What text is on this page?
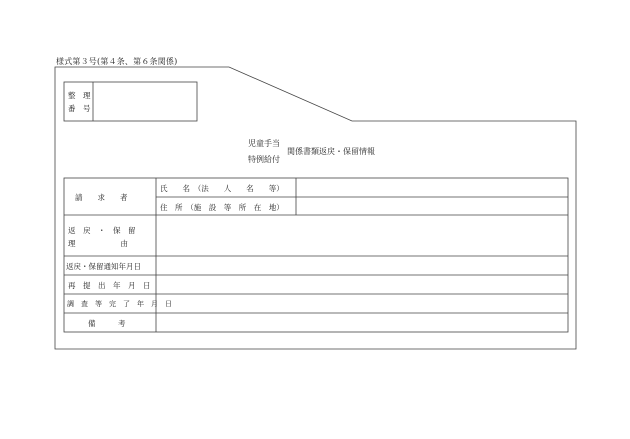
様式第３号(第４条、第６条関係)
整　理
番　号
児童手当
特例給付
関係書類返戻・保留情報
請　　求　　者
氏　　名　（法　　人　　名　　等）
住　所　（施　設　等　所　在　地）
返　戻　・　保　留
理　　　　　　由
返戻・保留通知年月日
再　提　出　年　月　日
調　査　等　完　了　年　月　日
備　　　考
